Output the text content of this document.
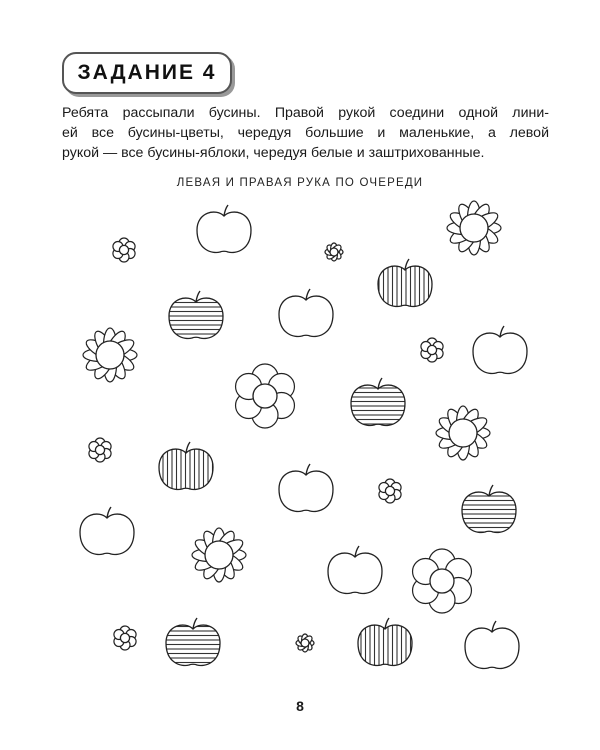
ЗАДАНИЕ 4
Ребята рассыпали бусины. Правой рукой соедини одной лини-
ей все бусины-цветы, чередуя большие и маленькие, а левой
рукой — все бусины-яблоки, чередуя белые и заштрихованные.
ЛЕВАЯ И ПРАВАЯ РУКА ПО ОЧЕРЕДИ
8
